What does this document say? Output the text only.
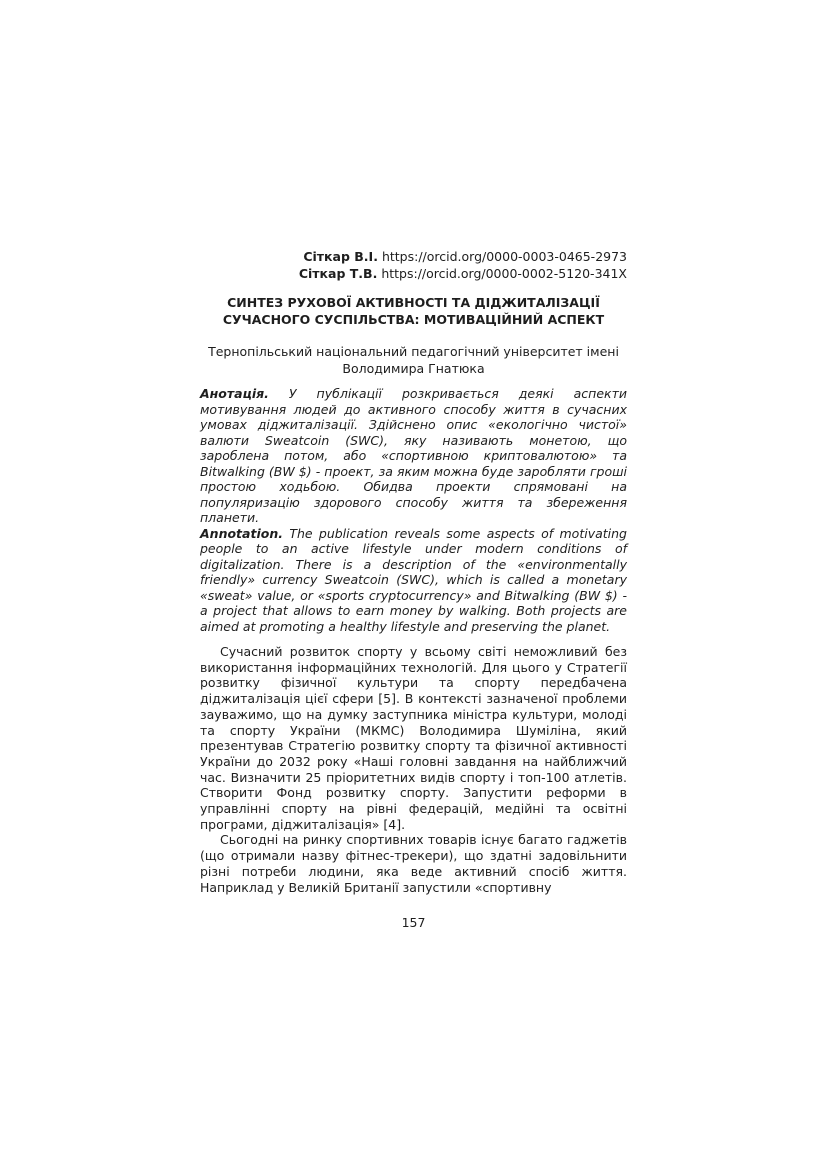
Сіткар В.І. https://orcid.org/0000-0003-0465-2973
Сіткар Т.В. https://orcid.org/0000-0002-5120-341X
СИНТЕЗ РУХОВОЇ АКТИВНОСТІ ТА ДІДЖИТАЛІЗАЦІЇ
СУЧАСНОГО СУСПІЛЬСТВА: МОТИВАЦІЙНИЙ АСПЕКТ
Тернопільський національний педагогічний університет імені
Володимира Гнатюка

Анотація. У публікації розкривається деякі аспекти мотивування людей до активного способу життя в сучасних умовах діджиталізації. Здійснено опис «екологічно чистої» валюти Sweatcoin (SWC), яку називають монетою, що зароблена потом, або «спортивною криптовалютою» та Bitwalking (BW $) - проект, за яким можна буде заробляти гроші простою ходьбою. Обидва проекти спрямовані на популяризацію здорового способу життя та збереження планети.

Annotation. The publication reveals some aspects of motivating people to an active lifestyle under modern conditions of digitalization. There is a description of the «environmentally friendly» currency Sweatcoin (SWC), which is called a monetary «sweat» value, or «sports cryptocurrency» and Bitwalking (BW $) - a project that allows to earn money by walking. Both projects are aimed at promoting a healthy lifestyle and preserving the planet.

Сучасний розвиток спорту у всьому світі неможливий без використання інформаційних технологій. Для цього у Стратегії розвитку фізичної культури та спорту передбачена діджиталізація цієї сфери [5]. В контексті зазначеної проблеми зауважимо, що на думку заступника міністра культури, молоді та спорту України (МКМС) Володимира Шуміліна, який презентував Стратегію розвитку спорту та фізичної активності України до 2032 року «Наші головні завдання на найближчий час. Визначити 25 пріоритетних видів спорту і топ-100 атлетів. Створити Фонд розвитку спорту. Запустити реформи в управлінні спорту на рівні федерацій, медійні та освітні програми, діджиталізація» [4].

Сьогодні на ринку спортивних товарів існує багато гаджетів (що отримали назву фітнес-трекери), що здатні задовільнити різні потреби людини, яка веде активний спосіб життя. Наприклад у Великій Британії запустили «спортивну

157
